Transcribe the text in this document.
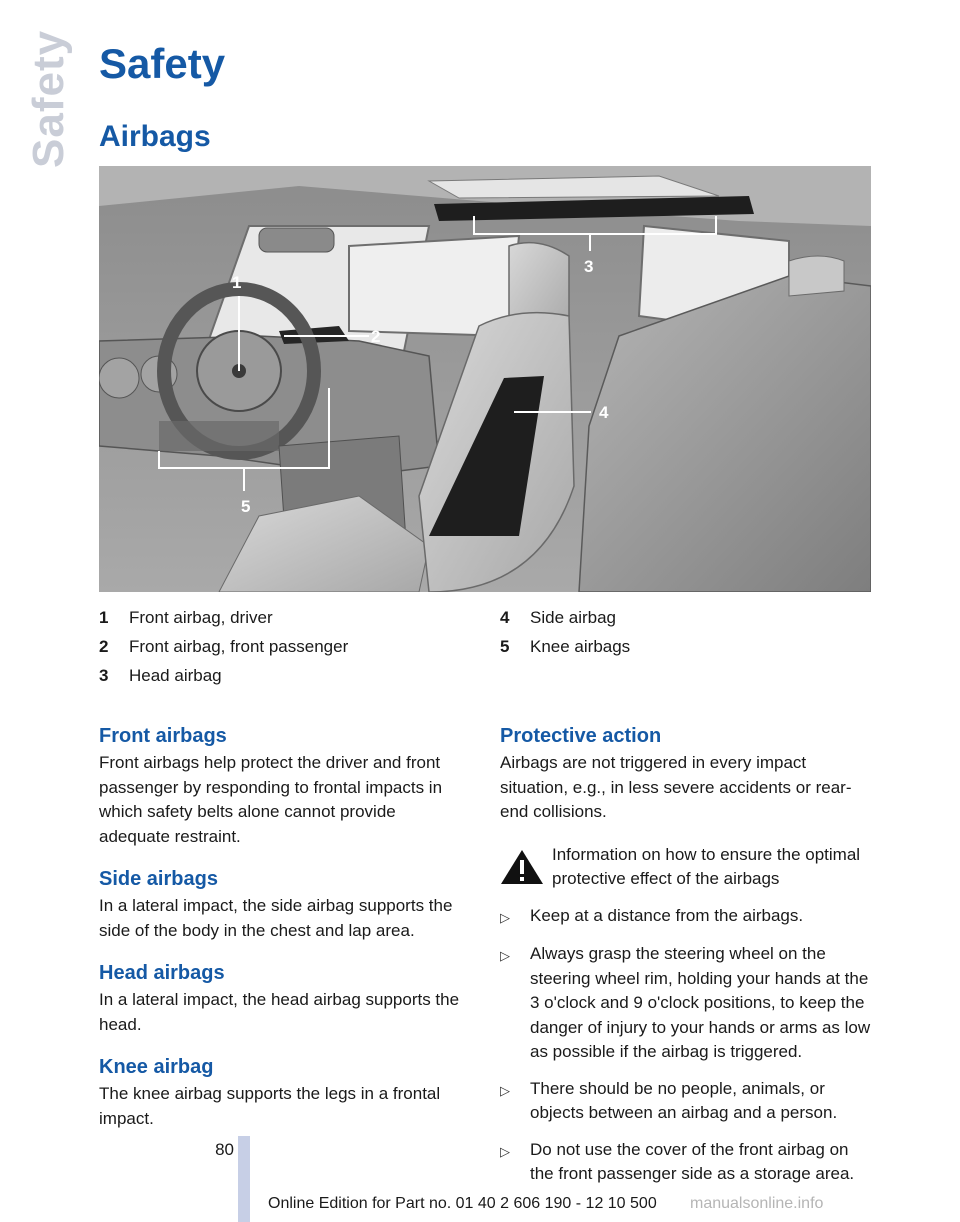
Safety Safety
Airbags
1
2
3
4
5
1	Front airbag, driver
2	Front airbag, front passenger
3	Head airbag
4	Side airbag
5	Knee airbags
Front airbags

Front airbags help protect the driver and front passenger by responding to frontal impacts in which safety belts alone cannot provide adequate restraint.

Side airbags

In a lateral impact, the side airbag supports the side of the body in the chest and lap area.

Head airbags

In a lateral impact, the head airbag supports the head.

Knee airbag

The knee airbag supports the legs in a frontal impact.

Protective action

Airbags are not triggered in every impact situation, e.g., in less severe accidents or rear-end collisions.

Information on how to ensure the optimal protective effect of the airbags
▷	Keep at a distance from the airbags.
▷	Always grasp the steering wheel on the steering wheel rim, holding your hands at the 3 o'clock and 9 o'clock positions, to keep the danger of injury to your hands or arms as low as possible if the airbag is triggered.
▷	There should be no people, animals, or objects between an airbag and a person.
▷	Do not use the cover of the front airbag on the front passenger side as a storage area.
80
Online Edition for Part no. 01 40 2 606 190 - 12 10 500 manualsonline.info
